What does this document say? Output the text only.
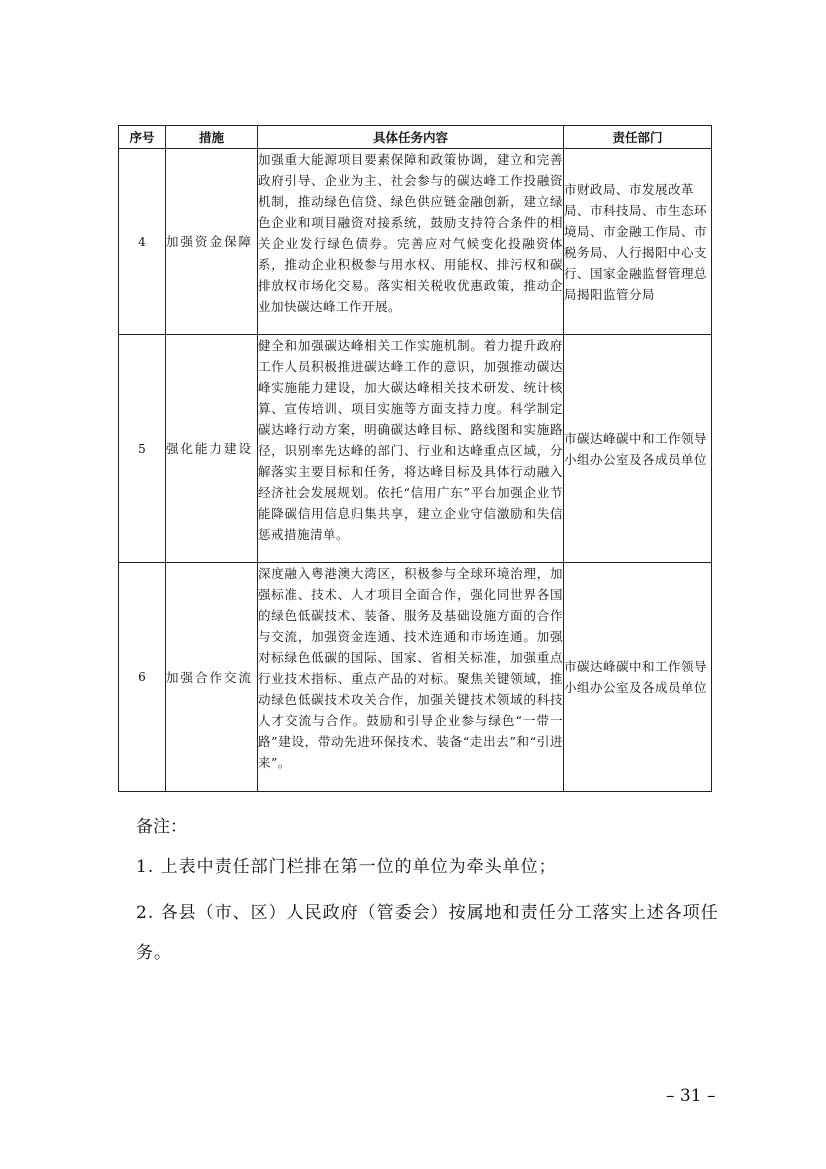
序号	措施	具体任务内容	责任部门
4	加强资金保障	加强重大能源项目要素保障和政策协调，建立和完善政府引导、企业为主、社会参与的碳达峰工作投融资机制，推动绿色信贷、绿色供应链金融创新，建立绿色企业和项目融资对接系统，鼓励支持符合条件的相关企业发行绿色债券。完善应对气候变化投融资体系，推动企业积极参与用水权、用能权、排污权和碳排放权市场化交易。落实相关税收优惠政策，推动企业加快碳达峰工作开展。	市财政局、市发展改革局、市科技局、市生态环境局、市金融工作局、市税务局、人行揭阳中心支行、国家金融监督管理总局揭阳监管分局
5	强化能力建设	健全和加强碳达峰相关工作实施机制。着力提升政府工作人员积极推进碳达峰工作的意识，加强推动碳达峰实施能力建设，加大碳达峰相关技术研发、统计核算、宣传培训、项目实施等方面支持力度。科学制定碳达峰行动方案，明确碳达峰目标、路线图和实施路径，识别率先达峰的部门、行业和达峰重点区域，分解落实主要目标和任务，将达峰目标及具体行动融入经济社会发展规划。依托“信用广东”平台加强企业节能降碳信用信息归集共享，建立企业守信激励和失信惩戒措施清单。	市碳达峰碳中和工作领导小组办公室及各成员单位
6	加强合作交流	深度融入粤港澳大湾区，积极参与全球环境治理，加强标准、技术、人才项目全面合作，强化同世界各国的绿色低碳技术、装备、服务及基础设施方面的合作与交流，加强资金连通、技术连通和市场连通。加强对标绿色低碳的国际、国家、省相关标准，加强重点行业技术指标、重点产品的对标。聚焦关键领域，推动绿色低碳技术攻关合作，加强关键技术领域的科技人才交流与合作。鼓励和引导企业参与绿色“一带一路”建设，带动先进环保技术、装备“走出去”和“引进来”。	市碳达峰碳中和工作领导小组办公室及各成员单位
备注：
1. 上表中责任部门栏排在第一位的单位为牵头单位；
2. 各县（市、区）人民政府（管委会）按属地和责任分工落实上述各项任务。
– 31 –
